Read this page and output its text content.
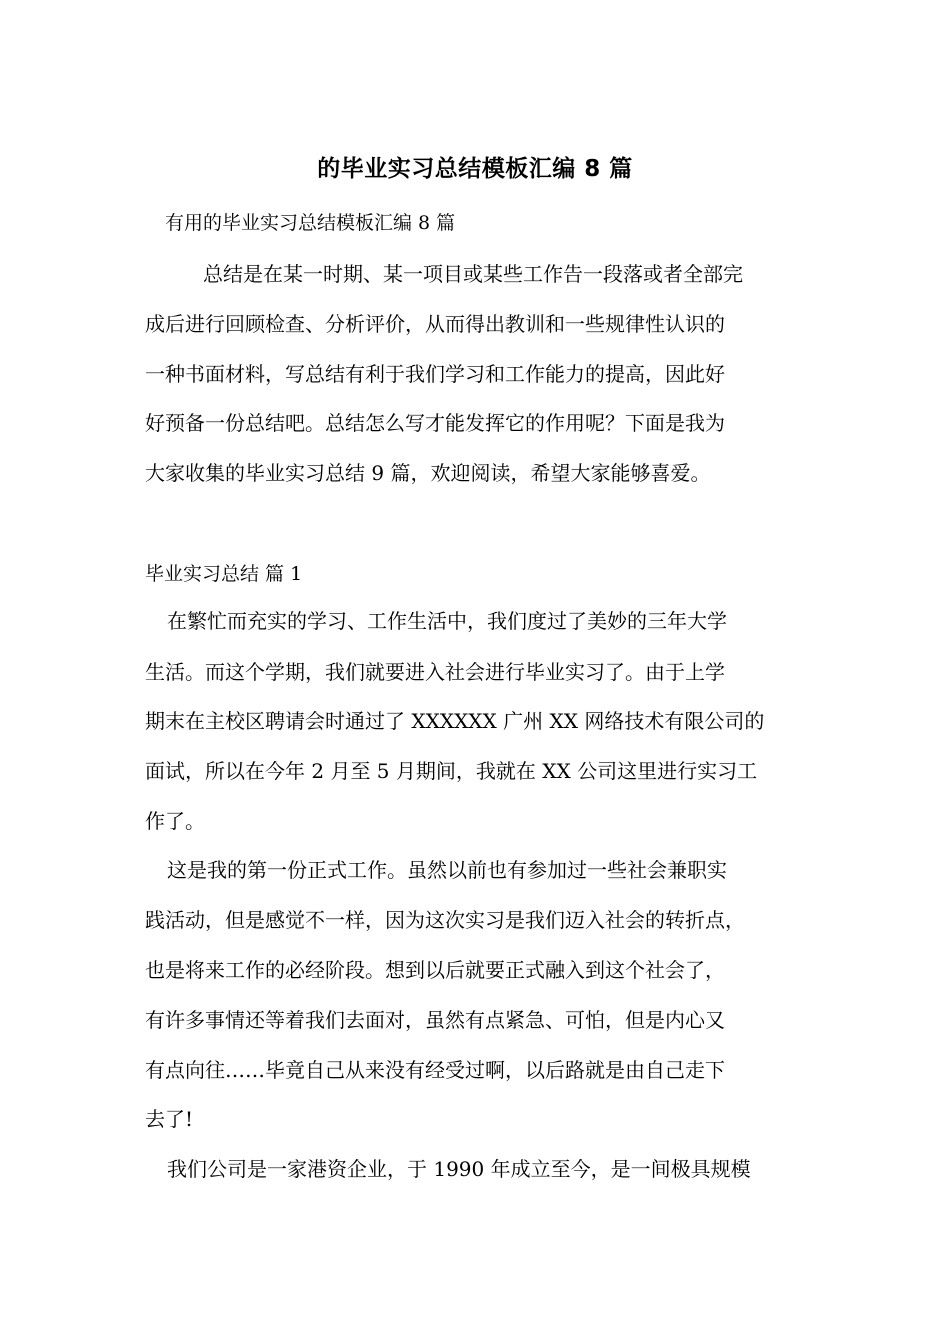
的毕业实习总结模板汇编 8 篇
有用的毕业实习总结模板汇编 8 篇
总结是在某一时期、某一项目或某些工作告一段落或者全部完
成后进行回顾检查、分析评价，从而得出教训和一些规律性认识的
一种书面材料，写总结有利于我们学习和工作能力的提高，因此好
好预备一份总结吧。总结怎么写才能发挥它的作用呢？下面是我为
大家收集的毕业实习总结 9 篇，欢迎阅读，希望大家能够喜爱。
毕业实习总结 篇 1
在繁忙而充实的学习、工作生活中，我们度过了美妙的三年大学
生活。而这个学期，我们就要进入社会进行毕业实习了。由于上学
期末在主校区聘请会时通过了 XXXXXX 广州 XX 网络技术有限公司的
面试，所以在今年 2 月至 5 月期间，我就在 XX 公司这里进行实习工
作了。
这是我的第一份正式工作。虽然以前也有参加过一些社会兼职实
践活动，但是感觉不一样，因为这次实习是我们迈入社会的转折点，
也是将来工作的必经阶段。想到以后就要正式融入到这个社会了，
有许多事情还等着我们去面对，虽然有点紧急、可怕，但是内心又
有点向往……毕竟自己从来没有经受过啊，以后路就是由自己走下
去了!
我们公司是一家港资企业，于 1990 年成立至今，是一间极具规模
